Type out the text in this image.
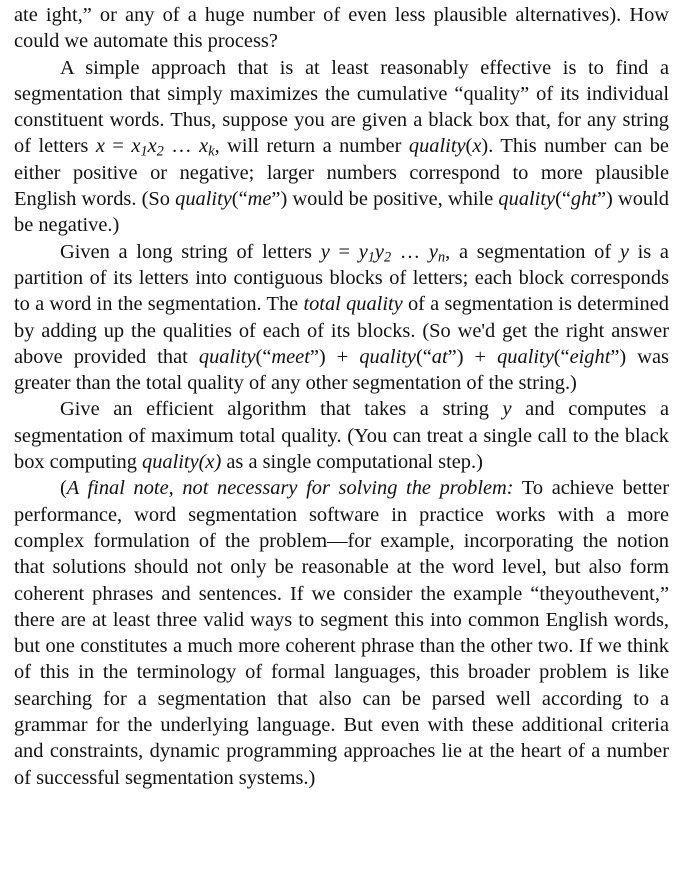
ate ight,” or any of a huge number of even less plausible alternatives). How could we automate this process?

A simple approach that is at least reasonably effective is to find a segmentation that simply maximizes the cumulative “quality” of its individual constituent words. Thus, suppose you are given a black box that, for any string of letters $x = x_1x_2$ … $x_k$, will return a number quality(x). This number can be either positive or negative; larger numbers correspond to more plausible English words. (So quality(“me”) would be positive, while quality(“ght”) would be negative.)

Given a long string of letters $y = y_1y_2$ … $y_n$, a segmentation of y is a partition of its letters into contiguous blocks of letters; each block corresponds to a word in the segmentation. The total quality of a segmentation is determined by adding up the qualities of each of its blocks. (So we'd get the right answer above provided that quality(“meet”) + quality(“at”) + quality(“eight”) was greater than the total quality of any other segmentation of the string.)

Give an efficient algorithm that takes a string y and computes a segmentation of maximum total quality. (You can treat a single call to the black box computing quality(x) as a single computational step.)

(A final note, not necessary for solving the problem: To achieve better performance, word segmentation software in practice works with a more complex formulation of the problem—for example, incorporating the notion that solutions should not only be reasonable at the word level, but also form coherent phrases and sentences. If we consider the example “theyouthevent,” there are at least three valid ways to segment this into common English words, but one constitutes a much more coherent phrase than the other two. If we think of this in the terminology of formal languages, this broader problem is like searching for a segmentation that also can be parsed well according to a grammar for the underlying language. But even with these additional criteria and constraints, dynamic programming approaches lie at the heart of a number of successful segmentation systems.)
